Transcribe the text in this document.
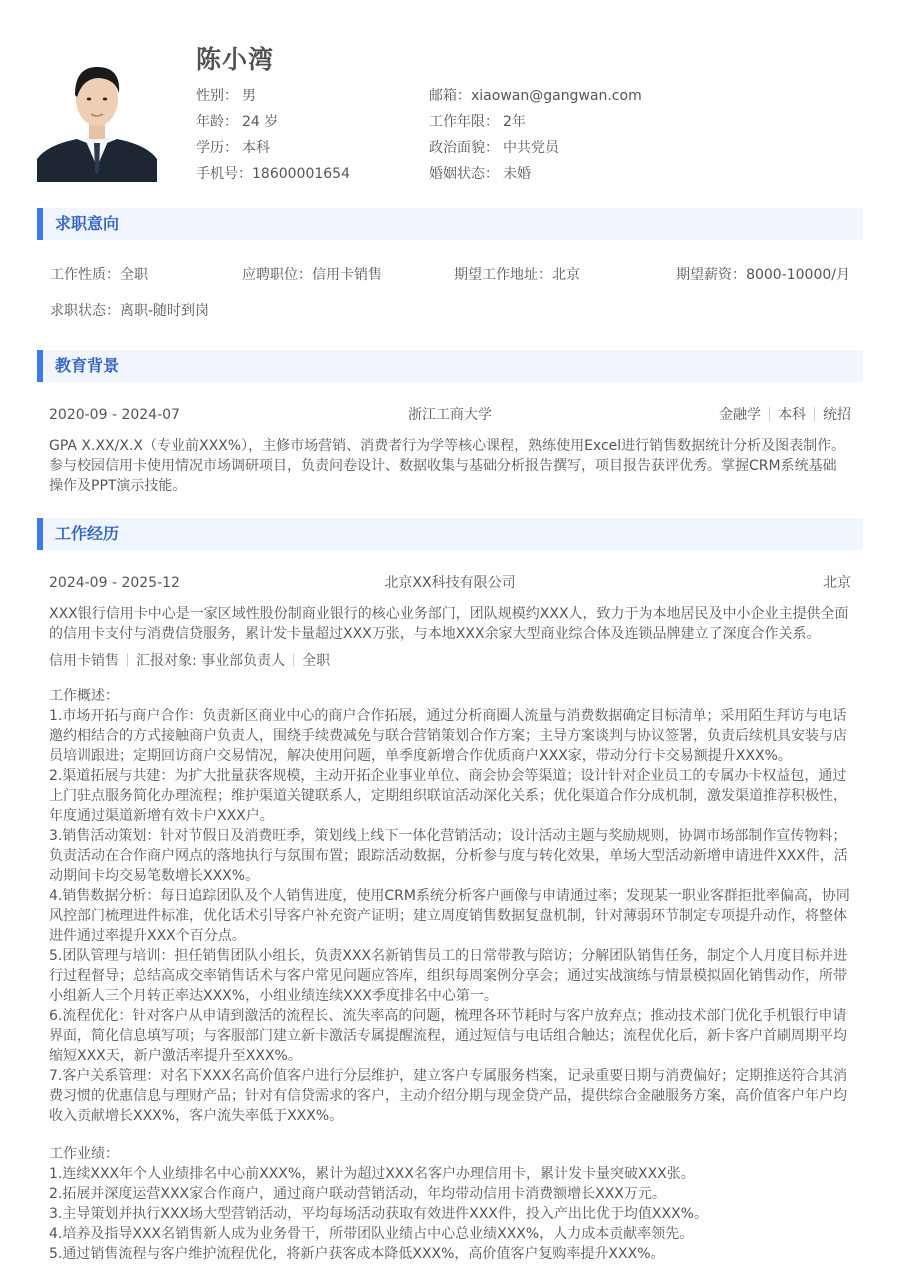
陈小湾
性别： 男
年龄： 24 岁
学历： 本科
手机号：18600001654
邮箱：xiaowan@gangwan.com
工作年限： 2年
政治面貌： 中共党员
婚姻状态： 未婚
求职意向
工作性质：全职	应聘职位：信用卡销售	期望工作地址：北京	期望薪资：8000-10000/月
求职状态：离职-随时到岗
教育背景
2020-09 - 2024-07	浙江工商大学	金融学 本科 统招
GPA X.XX/X.X（专业前XXX%），主修市场营销、消费者行为学等核心课程，熟练使用Excel进行销售数据统计分析及图表制作。
参与校园信用卡使用情况市场调研项目，负责问卷设计、数据收集与基础分析报告撰写，项目报告获评优秀。掌握CRM系统基础
操作及PPT演示技能。
工作经历
2024-09 - 2025-12	北京XX科技有限公司	北京
XXX银行信用卡中心是一家区域性股份制商业银行的核心业务部门，团队规模约XXX人，致力于为本地居民及中小企业主提供全面
的信用卡支付与消费信贷服务，累计发卡量超过XXX万张，与本地XXX余家大型商业综合体及连锁品牌建立了深度合作关系。
信用卡销售 汇报对象: 事业部负责人 全职
工作概述：
1.市场开拓与商户合作：负责新区商业中心的商户合作拓展，通过分析商圈人流量与消费数据确定目标清单；采用陌生拜访与电话
邀约相结合的方式接触商户负责人，围绕手续费减免与联合营销策划合作方案；主导方案谈判与协议签署，负责后续机具安装与店
员培训跟进；定期回访商户交易情况，解决使用问题，单季度新增合作优质商户XXX家，带动分行卡交易额提升XXX%。
2.渠道拓展与共建：为扩大批量获客规模，主动开拓企业事业单位、商会协会等渠道；设计针对企业员工的专属办卡权益包，通过
上门驻点服务简化办理流程；维护渠道关键联系人，定期组织联谊活动深化关系；优化渠道合作分成机制，激发渠道推荐积极性，
年度通过渠道新增有效卡户XXX户。
3.销售活动策划：针对节假日及消费旺季，策划线上线下一体化营销活动；设计活动主题与奖励规则，协调市场部制作宣传物料；
负责活动在合作商户网点的落地执行与氛围布置；跟踪活动数据，分析参与度与转化效果，单场大型活动新增申请进件XXX件，活
动期间卡均交易笔数增长XXX%。
4.销售数据分析：每日追踪团队及个人销售进度，使用CRM系统分析客户画像与申请通过率；发现某一职业客群拒批率偏高，协同
风控部门梳理进件标准，优化话术引导客户补充资产证明；建立周度销售数据复盘机制，针对薄弱环节制定专项提升动作，将整体
进件通过率提升XXX个百分点。
5.团队管理与培训：担任销售团队小组长，负责XXX名新销售员工的日常带教与陪访；分解团队销售任务，制定个人月度目标并进
行过程督导；总结高成交率销售话术与客户常见问题应答库，组织每周案例分享会；通过实战演练与情景模拟固化销售动作，所带
小组新人三个月转正率达XXX%，小组业绩连续XXX季度排名中心第一。
6.流程优化：针对客户从申请到激活的流程长、流失率高的问题，梳理各环节耗时与客户放弃点；推动技术部门优化手机银行申请
界面，简化信息填写项；与客服部门建立新卡激活专属提醒流程，通过短信与电话组合触达；流程优化后，新卡客户首刷周期平均
缩短XXX天，新户激活率提升至XXX%。
7.客户关系管理：对名下XXX名高价值客户进行分层维护，建立客户专属服务档案，记录重要日期与消费偏好；定期推送符合其消
费习惯的优惠信息与理财产品；针对有信贷需求的客户，主动介绍分期与现金贷产品，提供综合金融服务方案，高价值客户年户均
收入贡献增长XXX%，客户流失率低于XXX%。
工作业绩：
1.连续XXX年个人业绩排名中心前XXX%，累计为超过XXX名客户办理信用卡，累计发卡量突破XXX张。
2.拓展并深度运营XXX家合作商户，通过商户联动营销活动，年均带动信用卡消费额增长XXX万元。
3.主导策划并执行XXX场大型营销活动，平均每场活动获取有效进件XXX件，投入产出比优于均值XXX%。
4.培养及指导XXX名销售新人成为业务骨干，所带团队业绩占中心总业绩XXX%，人力成本贡献率领先。
5.通过销售流程与客户维护流程优化，将新户获客成本降低XXX%，高价值客户复购率提升XXX%。
